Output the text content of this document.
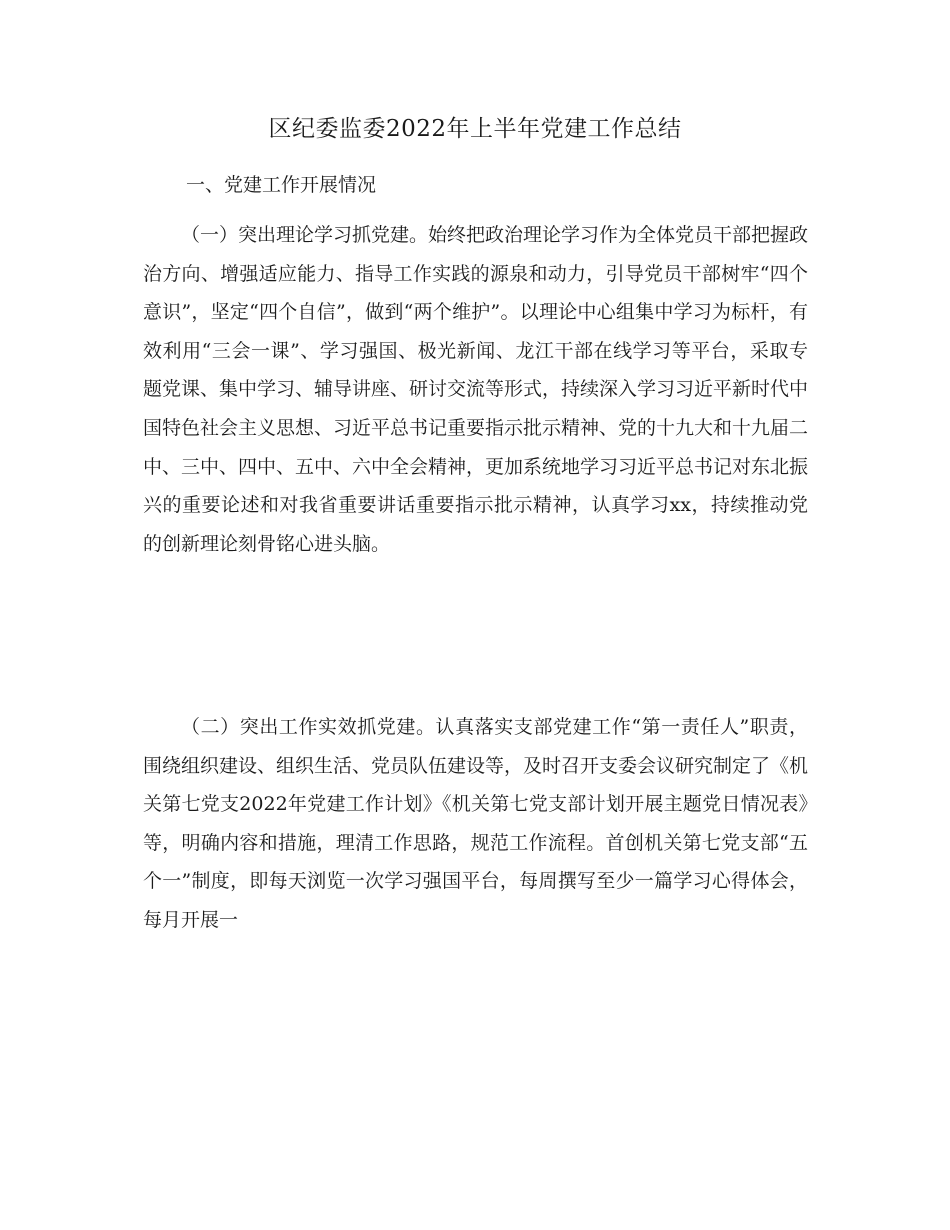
区纪委监委2022年上半年党建工作总结

一、党建工作开展情况

（一）突出理论学习抓党建。始终把政治理论学习作为全体党员干部把握政治方向、增强适应能力、指导工作实践的源泉和动力，引导党员干部树牢“四个意识”，坚定“四个自信”，做到“两个维护”。以理论中心组集中学习为标杆，有效利用“三会一课”、学习强国、极光新闻、龙江干部在线学习等平台，采取专题党课、集中学习、辅导讲座、研讨交流等形式，持续深入学习习近平新时代中国特色社会主义思想、习近平总书记重要指示批示精神、党的十九大和十九届二中、三中、四中、五中、六中全会精神，更加系统地学习习近平总书记对东北振兴的重要论述和对我省重要讲话重要指示批示精神，认真学习xx，持续推动党的创新理论刻骨铭心进头脑。

（二）突出工作实效抓党建。认真落实支部党建工作“第一责任人”职责，围绕组织建设、组织生活、党员队伍建设等，及时召开支委会议研究制定了《机关第七党支2022年党建工作计划》《机关第七党支部计划开展主题党日情况表》等，明确内容和措施，理清工作思路，规范工作流程。首创机关第七党支部“五个一”制度，即每天浏览一次学习强国平台，每周撰写至少一篇学习心得体会，每月开展一
